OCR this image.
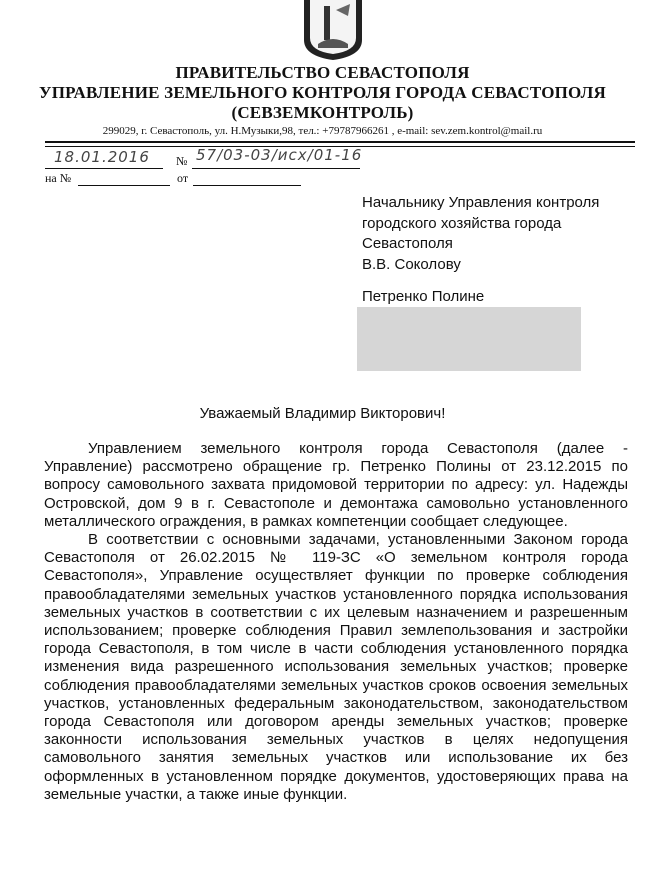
ПРАВИТЕЛЬСТВО СЕВАСТОПОЛЯ
УПРАВЛЕНИЕ ЗЕМЕЛЬНОГО КОНТРОЛЯ ГОРОДА СЕВАСТОПОЛЯ
(СЕВЗЕМКОНТРОЛЬ)
299029, г. Севастополь, ул. Н.Музыки,98, тел.: +79787966261 , e-mail: sev.zem.kontrol@mail.ru
18.01.2016 № 57/03-03/исх/01-16
на №	от
Начальнику Управления контроля
городского хозяйства города
Севастополя
В.В. Соколову
Петренко Полине
Уважаемый Владимир Викторович!

Управлением земельного контроля города Севастополя (далее - Управление) рассмотрено обращение гр. Петренко Полины от 23.12.2015 по вопросу самовольного захвата придомовой территории по адресу: ул. Надежды Островской, дом 9 в г. Севастополе и демонтажа самовольно установленного металлического ограждения, в рамках компетенции сообщает следующее.

В соответствии с основными задачами, установленными Законом города Севастополя от 26.02.2015 № 119-ЗС «О земельном контроля города Севастополя», Управление осуществляет функции по проверке соблюдения правообладателями земельных участков установленного порядка использования земельных участков в соответствии с их целевым назначением и разрешенным использованием; проверке соблюдения Правил землепользования и застройки города Севастополя, в том числе в части соблюдения установленного порядка изменения вида разрешенного использования земельных участков; проверке соблюдения правообладателями земельных участков сроков освоения земельных участков, установленных федеральным законодательством, законодательством города Севастополя или договором аренды земельных участков; проверке законности использования земельных участков в целях недопущения самовольного занятия земельных участков или использование их без оформленных в установленном порядке документов, удостоверяющих права на земельные участки, а также иные функции.
